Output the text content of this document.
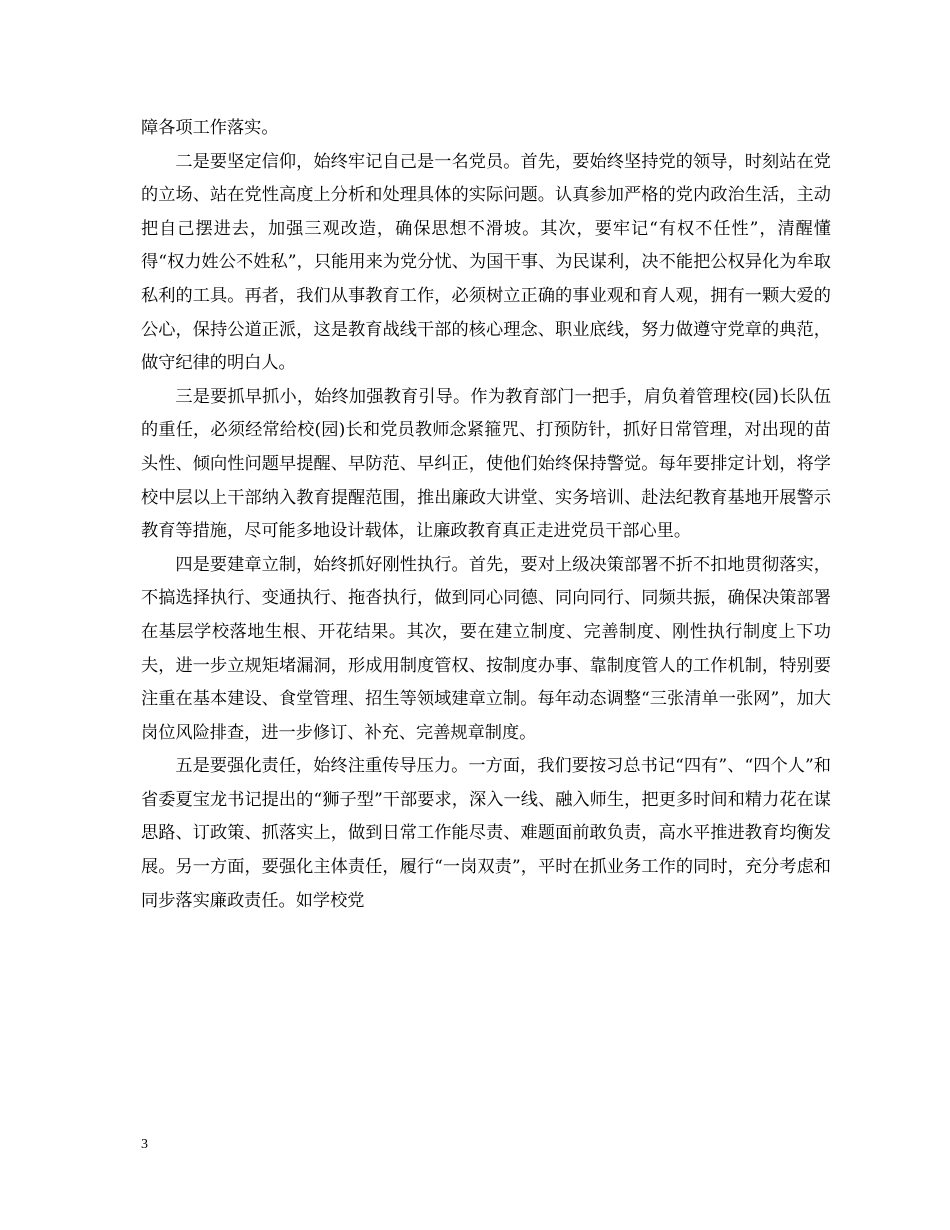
障各项工作落实。

二是要坚定信仰，始终牢记自己是一名党员。首先，要始终坚持党的领导，时刻站在党的立场、站在党性高度上分析和处理具体的实际问题。认真参加严格的党内政治生活，主动把自己摆进去，加强三观改造，确保思想不滑坡。其次，要牢记“有权不任性”，清醒懂得“权力姓公不姓私”，只能用来为党分忧、为国干事、为民谋利，决不能把公权异化为牟取私利的工具。再者，我们从事教育工作，必须树立正确的事业观和育人观，拥有一颗大爱的公心，保持公道正派，这是教育战线干部的核心理念、职业底线，努力做遵守党章的典范，做守纪律的明白人。

三是要抓早抓小，始终加强教育引导。作为教育部门一把手，肩负着管理校(园)长队伍的重任，必须经常给校(园)长和党员教师念紧箍咒、打预防针，抓好日常管理，对出现的苗头性、倾向性问题早提醒、早防范、早纠正，使他们始终保持警觉。每年要排定计划，将学校中层以上干部纳入教育提醒范围，推出廉政大讲堂、实务培训、赴法纪教育基地开展警示教育等措施，尽可能多地设计载体，让廉政教育真正走进党员干部心里。

四是要建章立制，始终抓好刚性执行。首先，要对上级决策部署不折不扣地贯彻落实，不搞选择执行、变通执行、拖沓执行，做到同心同德、同向同行、同频共振，确保决策部署在基层学校落地生根、开花结果。其次，要在建立制度、完善制度、刚性执行制度上下功夫，进一步立规矩堵漏洞，形成用制度管权、按制度办事、靠制度管人的工作机制，特别要注重在基本建设、食堂管理、招生等领域建章立制。每年动态调整“三张清单一张网”，加大岗位风险排查，进一步修订、补充、完善规章制度。

五是要强化责任，始终注重传导压力。一方面，我们要按习总书记“四有”、“四个人”和省委夏宝龙书记提出的“狮子型”干部要求，深入一线、融入师生，把更多时间和精力花在谋思路、订政策、抓落实上，做到日常工作能尽责、难题面前敢负责，高水平推进教育均衡发展。另一方面，要强化主体责任，履行“一岗双责”，平时在抓业务工作的同时，充分考虑和同步落实廉政责任。如学校党

3
